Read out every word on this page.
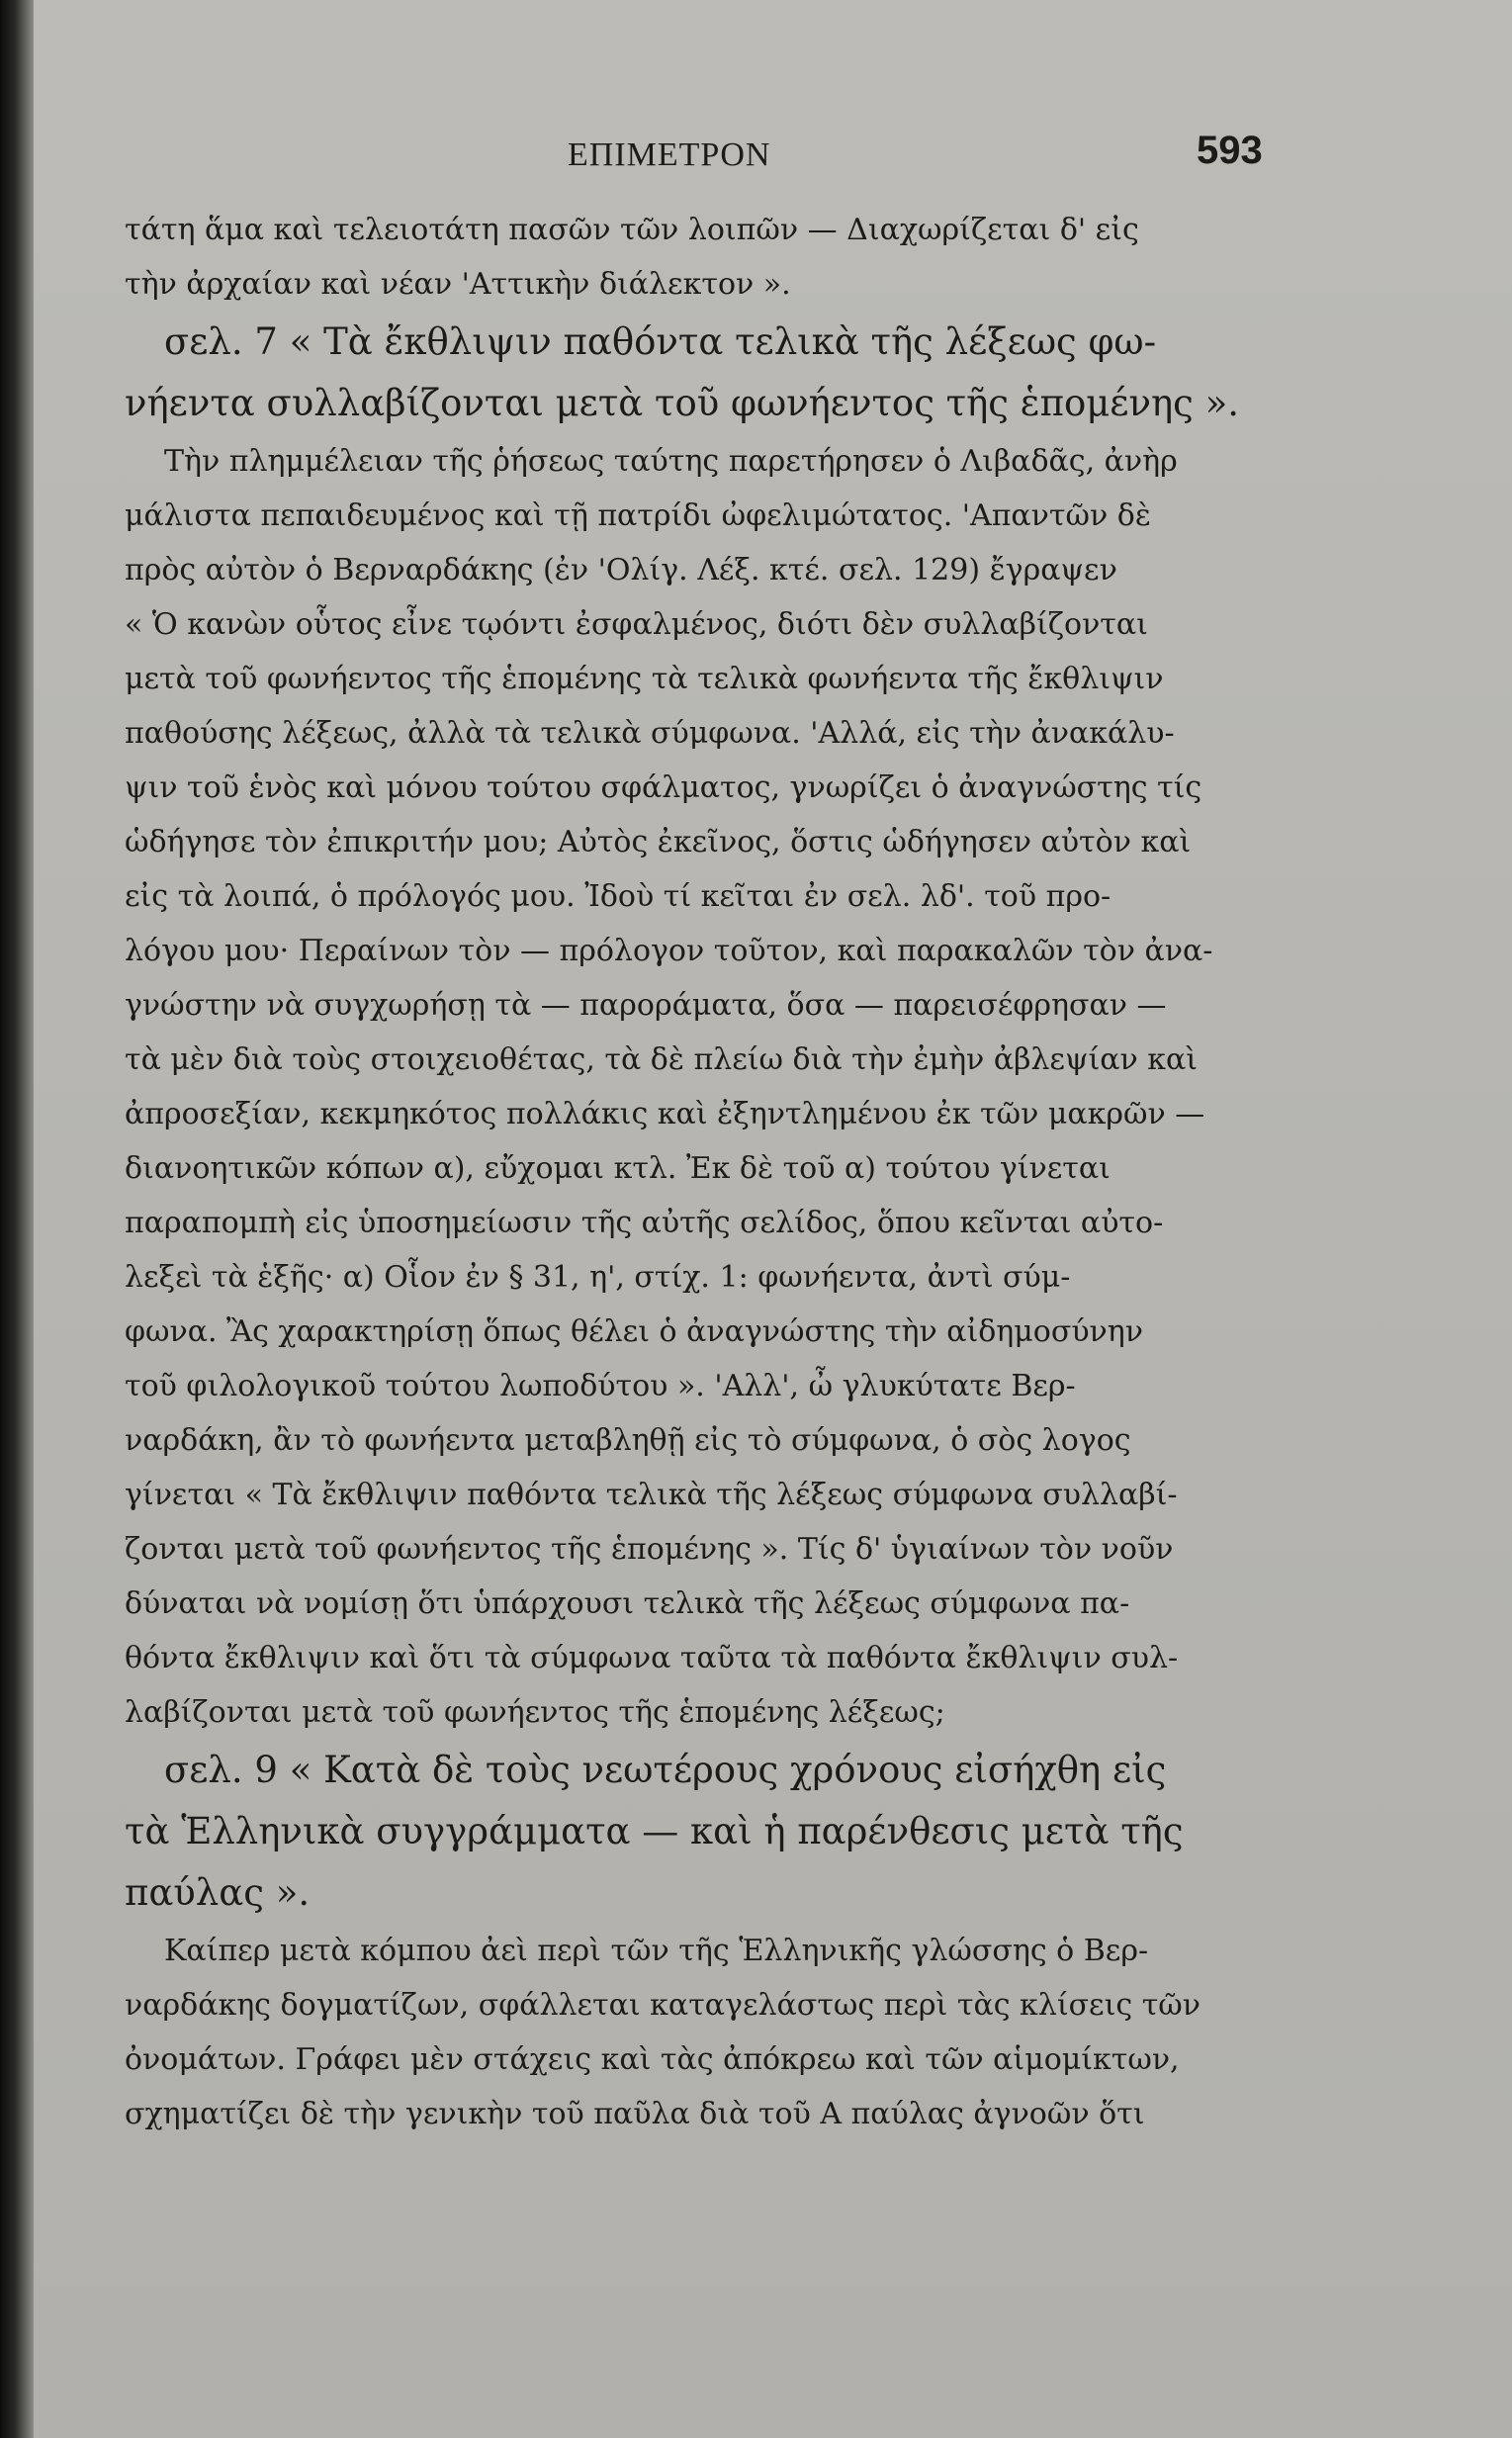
ΕΠΙΜΕΤΡΟΝ	593
τάτη ἅμα καὶ τελειοτάτη πασῶν τῶν λοιπῶν — Διαχωρίζεται δ' εἰς
τὴν ἀρχαίαν καὶ νέαν 'Αττικὴν διάλεκτον ».
σελ. 7 « Τὰ ἔκθλιψιν παθόντα τελικὰ τῆς λέξεως φω-
νήεντα συλλαβίζονται μετὰ τοῦ φωνήεντος τῆς ἑπομένης ».
Τὴν πλημμέλειαν τῆς ῥήσεως ταύτης παρετήρησεν ὁ Λιβαδᾶς, ἀνὴρ
μάλιστα πεπαιδευμένος καὶ τῇ πατρίδι ὠφελιμώτατος. 'Απαντῶν δὲ
πρὸς αὐτὸν ὁ Βερναρδάκης (ἐν 'Ολίγ. Λέξ. κτέ. σελ. 129) ἔγραψεν
« Ὁ κανὼν οὗτος εἶνε τῳόντι ἐσφαλμένος, διότι δὲν συλλαβίζονται
μετὰ τοῦ φωνήεντος τῆς ἑπομένης τὰ τελικὰ φωνήεντα τῆς ἔκθλιψιν
παθούσης λέξεως, ἀλλὰ τὰ τελικὰ σύμφωνα. 'Αλλά, εἰς τὴν ἀνακάλυ-
ψιν τοῦ ἑνὸς καὶ μόνου τούτου σφάλματος, γνωρίζει ὁ ἀναγνώστης τίς
ὡδήγησε τὸν ἐπικριτήν μου; Αὐτὸς ἐκεῖνος, ὅστις ὡδήγησεν αὐτὸν καὶ
εἰς τὰ λοιπά, ὁ πρόλογός μου. Ἰδοὺ τί κεῖται ἐν σελ. λδ'. τοῦ προ-
λόγου μου· Περαίνων τὸν — πρόλογον τοῦτον, καὶ παρακαλῶν τὸν ἀνα-
γνώστην νὰ συγχωρήσῃ τὰ — παροράματα, ὅσα — παρεισέφρησαν —
τὰ μὲν διὰ τοὺς στοιχειοθέτας, τὰ δὲ πλείω διὰ τὴν ἐμὴν ἀβλεψίαν καὶ
ἀπροσεξίαν, κεκμηκότος πολλάκις καὶ ἐξηντλημένου ἐκ τῶν μακρῶν —
διανοητικῶν κόπων α), εὔχομαι κτλ. Ἐκ δὲ τοῦ α) τούτου γίνεται
παραπομπὴ εἰς ὑποσημείωσιν τῆς αὐτῆς σελίδος, ὅπου κεῖνται αὐτο-
λεξεὶ τὰ ἑξῆς· α) Οἷον ἐν § 31, η', στίχ. 1: φωνήεντα, ἀντὶ σύμ-
φωνα. Ἂς χαρακτηρίσῃ ὅπως θέλει ὁ ἀναγνώστης τὴν αἰδημοσύνην
τοῦ φιλολογικοῦ τούτου λωποδύτου ». 'Αλλ', ὦ γλυκύτατε Βερ-
ναρδάκη, ἂν τὸ φωνήεντα μεταβληθῇ εἰς τὸ σύμφωνα, ὁ σὸς λογος
γίνεται « Τὰ ἔκθλιψιν παθόντα τελικὰ τῆς λέξεως σύμφωνα συλλαβί-
ζονται μετὰ τοῦ φωνήεντος τῆς ἑπομένης ». Τίς δ' ὑγιαίνων τὸν νοῦν
δύναται νὰ νομίσῃ ὅτι ὑπάρχουσι τελικὰ τῆς λέξεως σύμφωνα πα-
θόντα ἔκθλιψιν καὶ ὅτι τὰ σύμφωνα ταῦτα τὰ παθόντα ἔκθλιψιν συλ-
λαβίζονται μετὰ τοῦ φωνήεντος τῆς ἑπομένης λέξεως;
σελ. 9 « Κατὰ δὲ τοὺς νεωτέρους χρόνους εἰσήχθη εἰς
τὰ Ἑλληνικὰ συγγράμματα — καὶ ἡ παρένθεσις μετὰ τῆς
παύλας ».
Καίπερ μετὰ κόμπου ἀεὶ περὶ τῶν τῆς Ἑλληνικῆς γλώσσης ὁ Βερ-
ναρδάκης δογματίζων, σφάλλεται καταγελάστως περὶ τὰς κλίσεις τῶν
ὀνομάτων. Γράφει μὲν στάχεις καὶ τὰς ἀπόκρεω καὶ τῶν αἱμομίκτων,
σχηματίζει δὲ τὴν γενικὴν τοῦ παῦλα διὰ τοῦ Α παύλας ἀγνοῶν ὅτι
